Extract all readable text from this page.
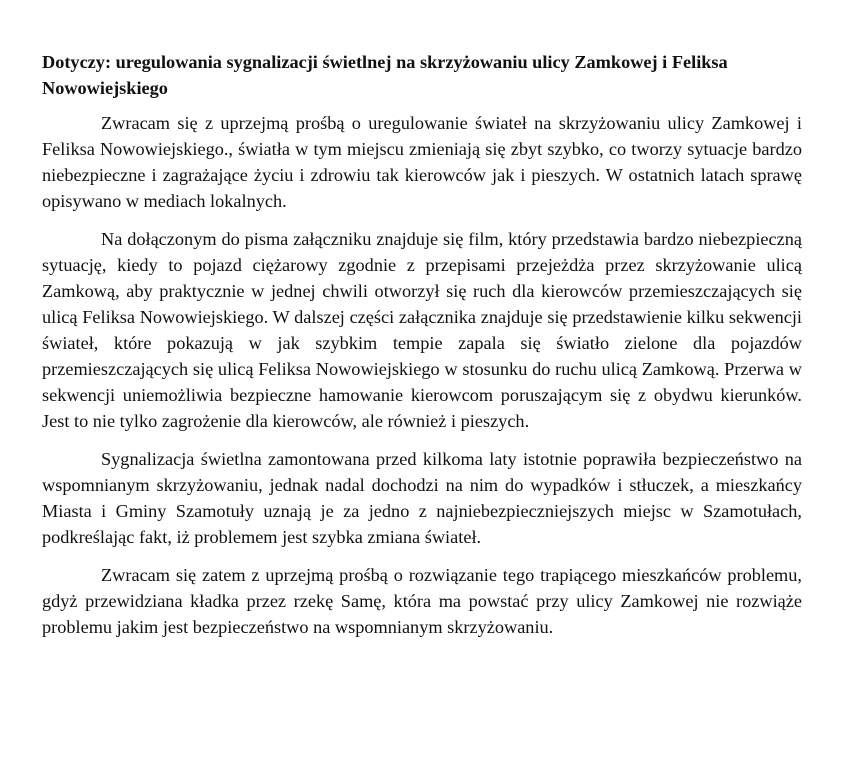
Dotyczy: uregulowania sygnalizacji świetlnej na skrzyżowaniu ulicy Zamkowej i Feliksa Nowowiejskiego

Zwracam się z uprzejmą prośbą o uregulowanie świateł na skrzyżowaniu ulicy Zamkowej i Feliksa Nowowiejskiego., światła w tym miejscu zmieniają się zbyt szybko, co tworzy sytuacje bardzo niebezpieczne i zagrażające życiu i zdrowiu tak kierowców jak i pieszych. W ostatnich latach sprawę opisywano w mediach lokalnych.

Na dołączonym do pisma załączniku znajduje się film, który przedstawia bardzo niebezpieczną sytuację, kiedy to pojazd ciężarowy zgodnie z przepisami przejeżdża przez skrzyżowanie ulicą Zamkową, aby praktycznie w jednej chwili otworzył się ruch dla kierowców przemieszczających się ulicą Feliksa Nowowiejskiego. W dalszej części załącznika znajduje się przedstawienie kilku sekwencji świateł, które pokazują w jak szybkim tempie zapala się światło zielone dla pojazdów przemieszczających się ulicą Feliksa Nowowiejskiego w stosunku do ruchu ulicą Zamkową. Przerwa w sekwencji uniemożliwia bezpieczne hamowanie kierowcom poruszającym się z obydwu kierunków. Jest to nie tylko zagrożenie dla kierowców, ale również i pieszych.

Sygnalizacja świetlna zamontowana przed kilkoma laty istotnie poprawiła bezpieczeństwo na wspomnianym skrzyżowaniu, jednak nadal dochodzi na nim do wypadków i stłuczek, a mieszkańcy Miasta i Gminy Szamotuły uznają je za jedno z najniebezpieczniejszych miejsc w Szamotułach, podkreślając fakt, iż problemem jest szybka zmiana świateł.

Zwracam się zatem z uprzejmą prośbą o rozwiązanie tego trapiącego mieszkańców problemu, gdyż przewidziana kładka przez rzekę Samę, która ma powstać przy ulicy Zamkowej nie rozwiąże problemu jakim jest bezpieczeństwo na wspomnianym skrzyżowaniu.
